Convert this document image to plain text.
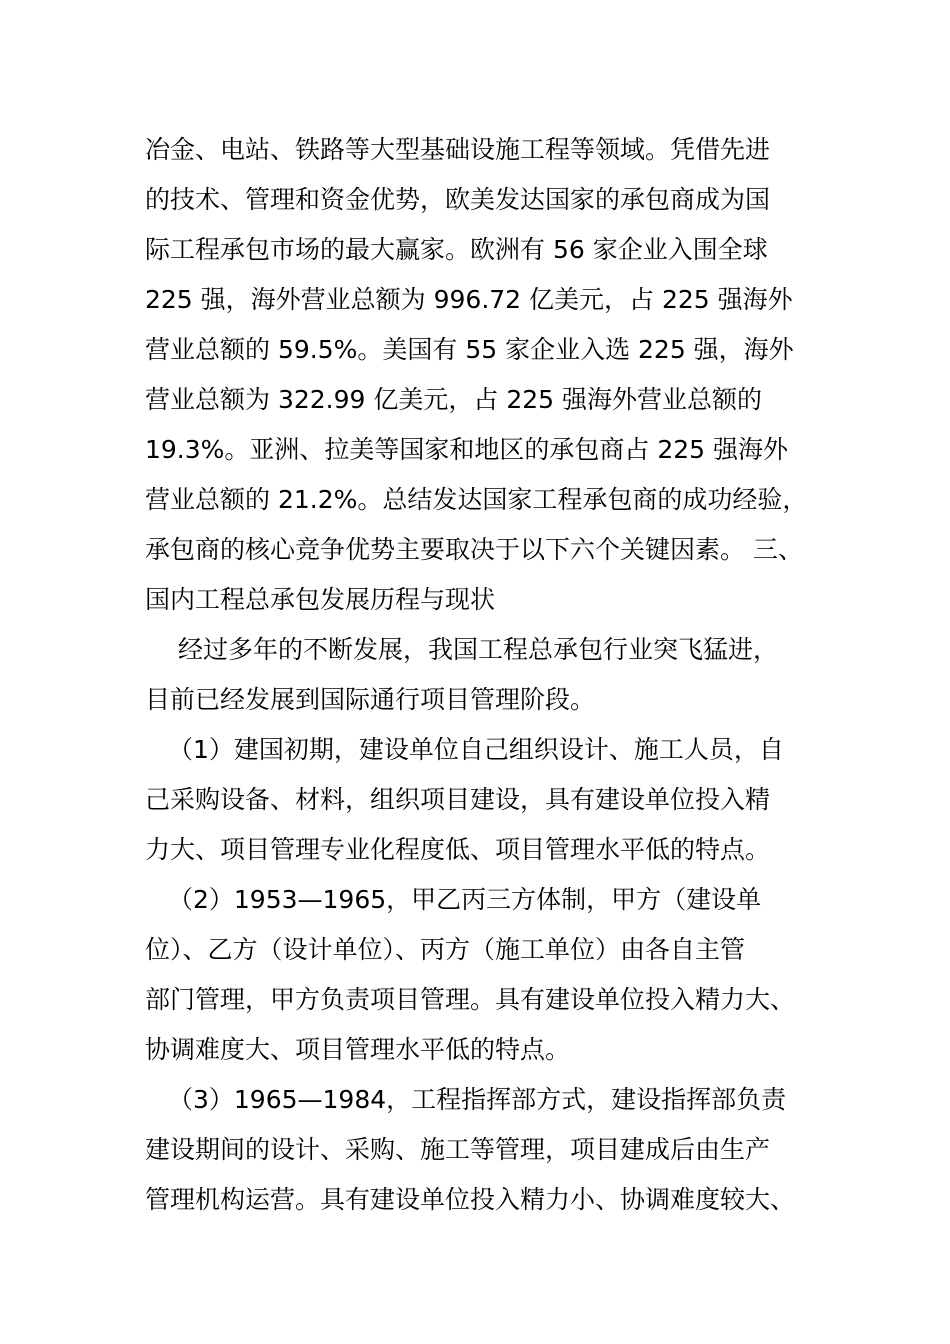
冶金、电站、铁路等大型基础设施工程等领域。凭借先进
的技术、管理和资金优势，欧美发达国家的承包商成为国
际工程承包市场的最大赢家。欧洲有 56 家企业入围全球
225 强，海外营业总额为 996.72 亿美元，占 225 强海外
营业总额的 59.5%。美国有 55 家企业入选 225 强，海外
营业总额为 322.99 亿美元，占 225 强海外营业总额的
19.3%。亚洲、拉美等国家和地区的承包商占 225 强海外
营业总额的 21.2%。总结发达国家工程承包商的成功经验，
承包商的核心竞争优势主要取决于以下六个关键因素。 三、
国内工程总承包发展历程与现状
经过多年的不断发展，我国工程总承包行业突飞猛进，
目前已经发展到国际通行项目管理阶段。
（1）建国初期，建设单位自己组织设计、施工人员，自
己采购设备、材料，组织项目建设，具有建设单位投入精
力大、项目管理专业化程度低、项目管理水平低的特点。
（2）1953—1965，甲乙丙三方体制，甲方（建设单
位）、乙方（设计单位）、丙方（施工单位）由各自主管
部门管理，甲方负责项目管理。具有建设单位投入精力大、
协调难度大、项目管理水平低的特点。
（3）1965—1984，工程指挥部方式，建设指挥部负责
建设期间的设计、采购、施工等管理，项目建成后由生产
管理机构运营。具有建设单位投入精力小、协调难度较大、
